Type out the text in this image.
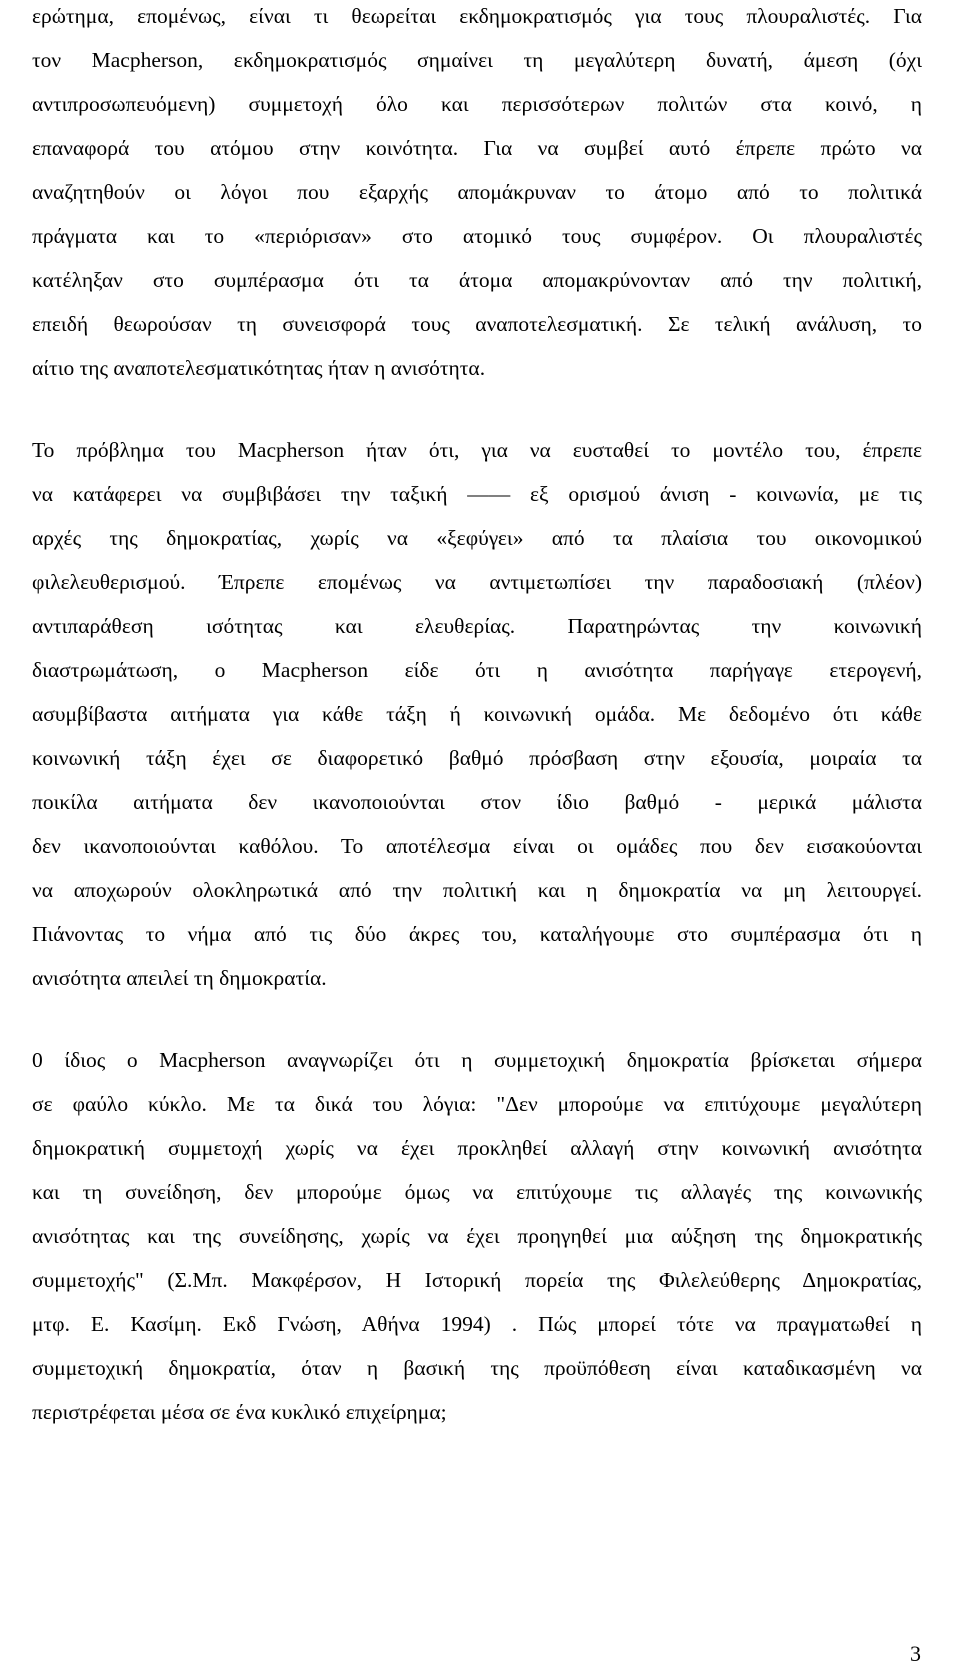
ερώτημα, επομένως, είναι τι θεωρείται εκδημοκρατισμός για τους πλουραλιστές. Για
τον Macpherson, εκδημοκρατισμός σημαίνει τη μεγαλύτερη δυνατή, άμεση (όχι
αντιπροσωπευόμενη) συμμετοχή όλο και περισσότερων πολιτών στα κοινό, η
επαναφορά του ατόμου στην κοινότητα. Για να συμβεί αυτό έπρεπε πρώτο να
αναζητηθούν οι λόγοι που εξαρχής απομάκρυναν το άτομο από το πολιτικά
πράγματα και το «περιόρισαν» στο ατομικό τους συμφέρον. Οι πλουραλιστές
κατέληξαν στο συμπέρασμα ότι τα άτομα απομακρύνονταν από την πολιτική,
επειδή θεωρούσαν τη συνεισφορά τους αναποτελεσματική. Σε τελική ανάλυση, το
αίτιο της αναποτελεσματικότητας ήταν η ανισότητα.
Το πρόβλημα του Macpherson ήταν ότι, για να ευσταθεί το μοντέλο του, έπρεπε
να κατάφερει να συμβιβάσει την ταξική —— εξ ορισμού άνιση - κοινωνία, με τις
αρχές της δημοκρατίας, χωρίς να «ξεφύγει» από τα πλαίσια του οικονομικού
φιλελευθερισμού. Έπρεπε επομένως να αντιμετωπίσει την παραδοσιακή (πλέον)
αντιπαράθεση ισότητας και ελευθερίας. Παρατηρώντας την κοινωνική
διαστρωμάτωση, ο Macpherson είδε ότι η ανισότητα παρήγαγε ετερογενή,
ασυμβίβαστα αιτήματα για κάθε τάξη ή κοινωνική ομάδα. Με δεδομένο ότι κάθε
κοινωνική τάξη έχει σε διαφορετικό βαθμό πρόσβαση στην εξουσία, μοιραία τα
ποικίλα αιτήματα δεν ικανοποιούνται στον ίδιο βαθμό - μερικά μάλιστα
δεν ικανοποιούνται καθόλου. Το αποτέλεσμα είναι οι ομάδες που δεν εισακούονται
να αποχωρούν ολοκληρωτικά από την πολιτική και η δημοκρατία να μη λειτουργεί.
Πιάνοντας το νήμα από τις δύο άκρες του, καταλήγουμε στο συμπέρασμα ότι η
ανισότητα απειλεί τη δημοκρατία.
0 ίδιος ο Macpherson αναγνωρίζει ότι η συμμετοχική δημοκρατία βρίσκεται σήμερα
σε φαύλο κύκλο. Με τα δικά του λόγια: "Δεν μπορούμε να επιτύχουμε μεγαλύτερη
δημοκρατική συμμετοχή χωρίς να έχει προκληθεί αλλαγή στην κοινωνική ανισότητα
και τη συνείδηση, δεν μπορούμε όμως να επιτύχουμε τις αλλαγές της κοινωνικής
ανισότητας και της συνείδησης, χωρίς να έχει προηγηθεί μια αύξηση της δημοκρατικής
συμμετοχής" (Σ.Μπ. Μακφέρσον, Η Ιστορική πορεία της Φιλελεύθερης Δημοκρατίας,
μτφ. Ε. Κασίμη. Εκδ Γνώση, Αθήνα 1994) . Πώς μπορεί τότε να πραγματωθεί η
συμμετοχική δημοκρατία, όταν η βασική της προϋπόθεση είναι καταδικασμένη να
περιστρέφεται μέσα σε ένα κυκλικό επιχείρημα;
3
